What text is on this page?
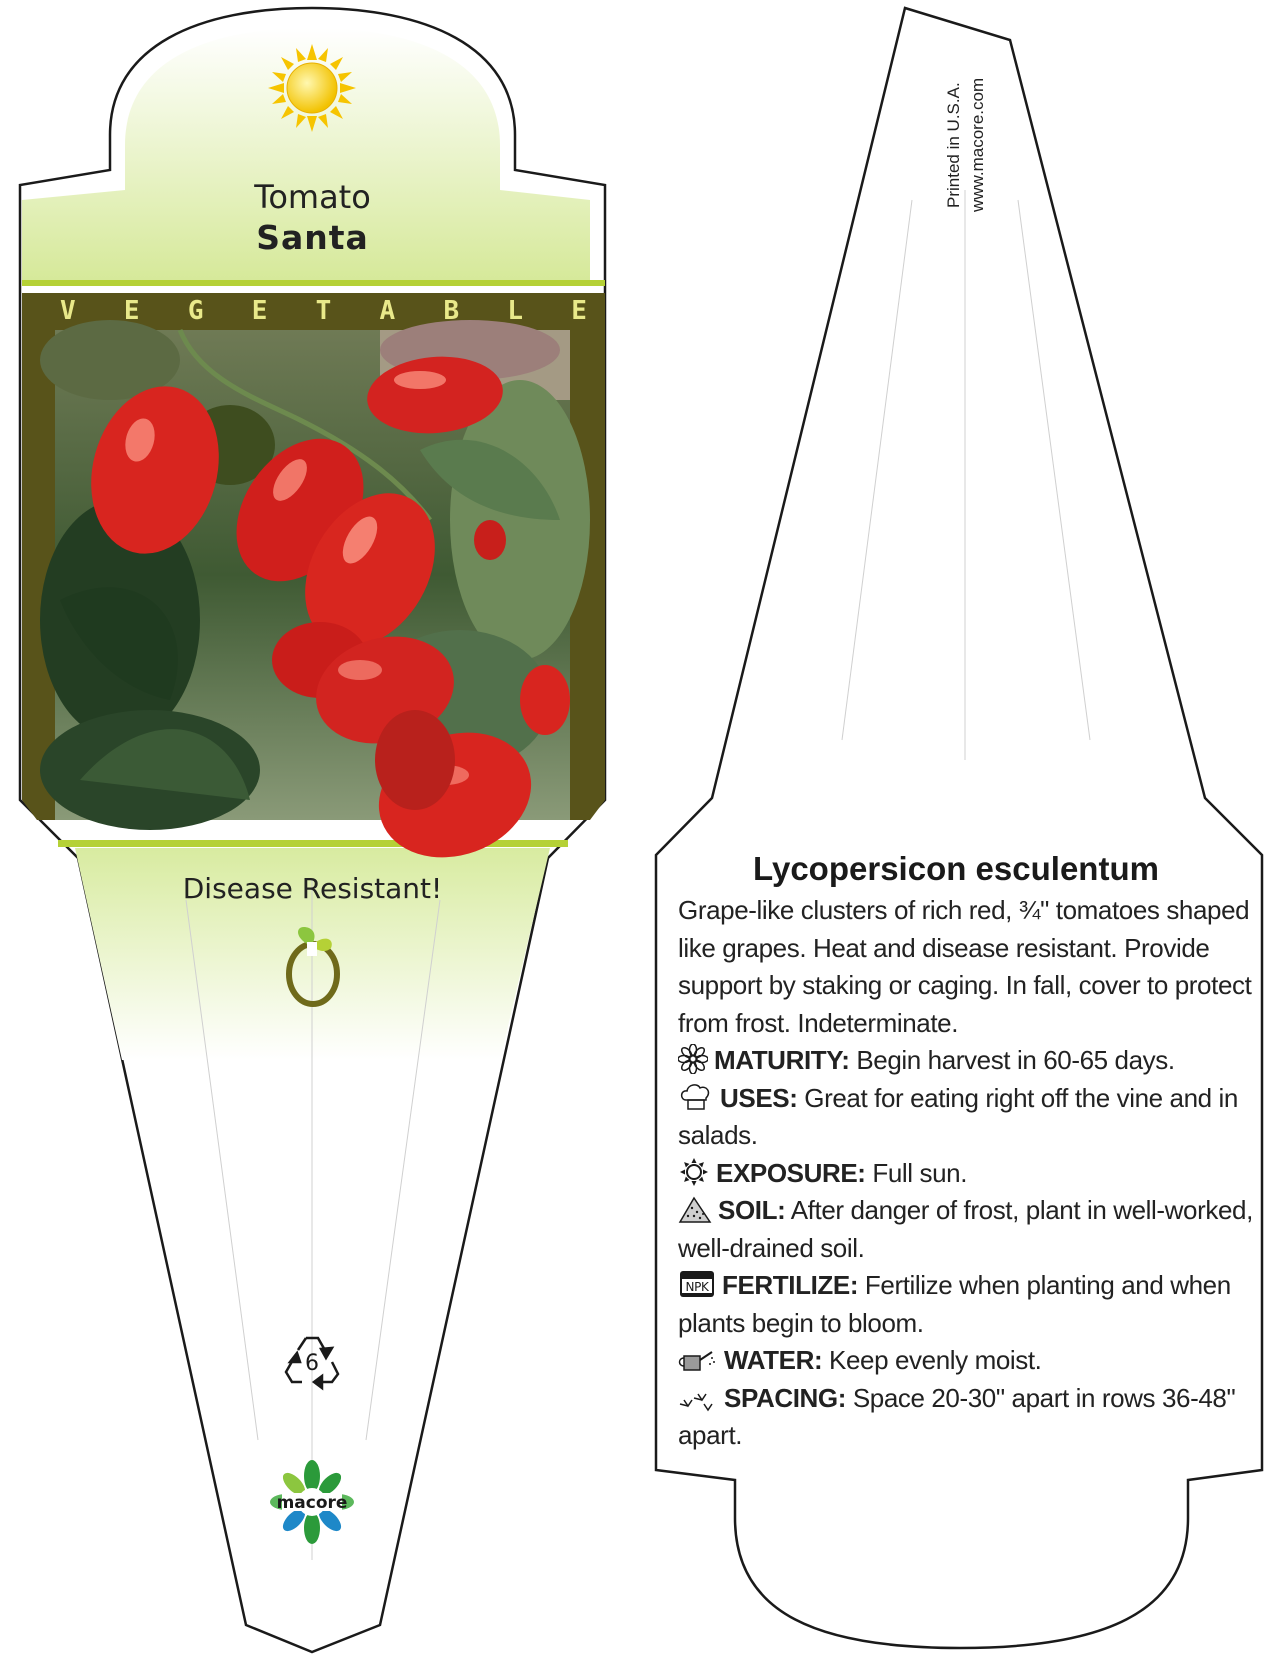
6
macore
Tomato
Santa
V E G E T A B L E
Disease Resistant!
Printed in U.S.A. www.macore.com
Lycopersicon esculentum

Grape-like clusters of rich red, ¾" tomatoes shaped like grapes. Heat and disease resistant. Provide support by staking or caging. In fall, cover to protect from frost. Indeterminate.

MATURITY: Begin harvest in 60-65 days.

USES: Great for eating right off the vine and in salads.

EXPOSURE: Full sun.

SOIL: After danger of frost, plant in well-worked, well-drained soil.

NPK FERTILIZE: Fertilize when planting and when plants begin to bloom.

WATER: Keep evenly moist.

SPACING: Space 20-30" apart in rows 36-48" apart.
